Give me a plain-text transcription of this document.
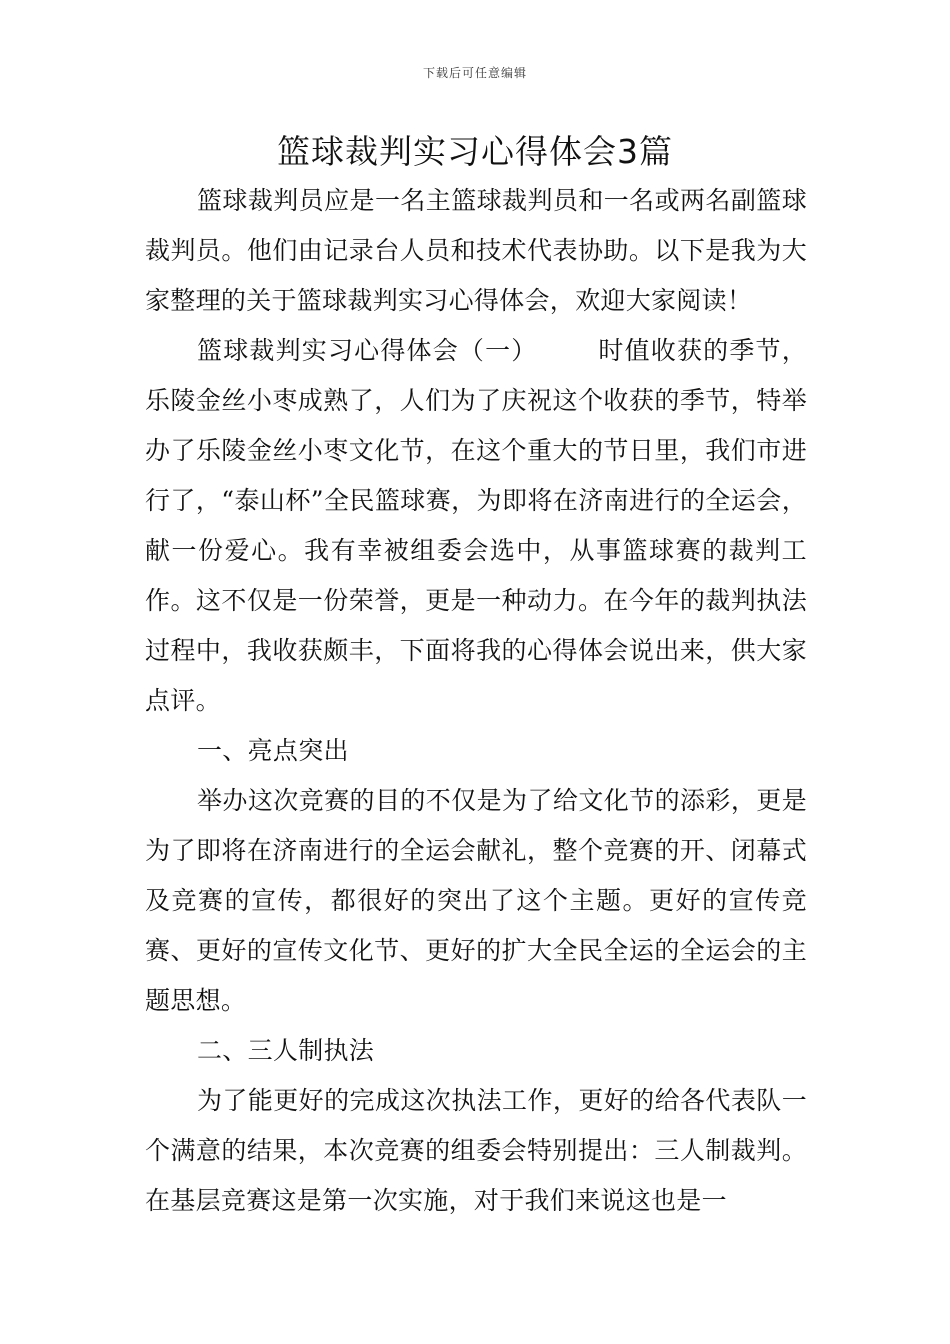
下载后可任意编辑
篮球裁判实习心得体会3篇

篮球裁判员应是一名主篮球裁判员和一名或两名副篮球裁判员。他们由记录台人员和技术代表协助。以下是我为大家整理的关于篮球裁判实习心得体会，欢迎大家阅读！

篮球裁判实习心得体会（一） 时值收获的季节，乐陵金丝小枣成熟了，人们为了庆祝这个收获的季节，特举办了乐陵金丝小枣文化节，在这个重大的节日里，我们市进行了，“泰山杯”全民篮球赛，为即将在济南进行的全运会，献一份爱心。我有幸被组委会选中，从事篮球赛的裁判工作。这不仅是一份荣誉，更是一种动力。在今年的裁判执法过程中，我收获颇丰，下面将我的心得体会说出来，供大家点评。

一、亮点突出

举办这次竞赛的目的不仅是为了给文化节的添彩，更是为了即将在济南进行的全运会献礼，整个竞赛的开、闭幕式及竞赛的宣传，都很好的突出了这个主题。更好的宣传竞赛、更好的宣传文化节、更好的扩大全民全运的全运会的主题思想。

二、三人制执法

为了能更好的完成这次执法工作，更好的给各代表队一个满意的结果，本次竞赛的组委会特别提出：三人制裁判。在基层竞赛这是第一次实施，对于我们来说这也是一
